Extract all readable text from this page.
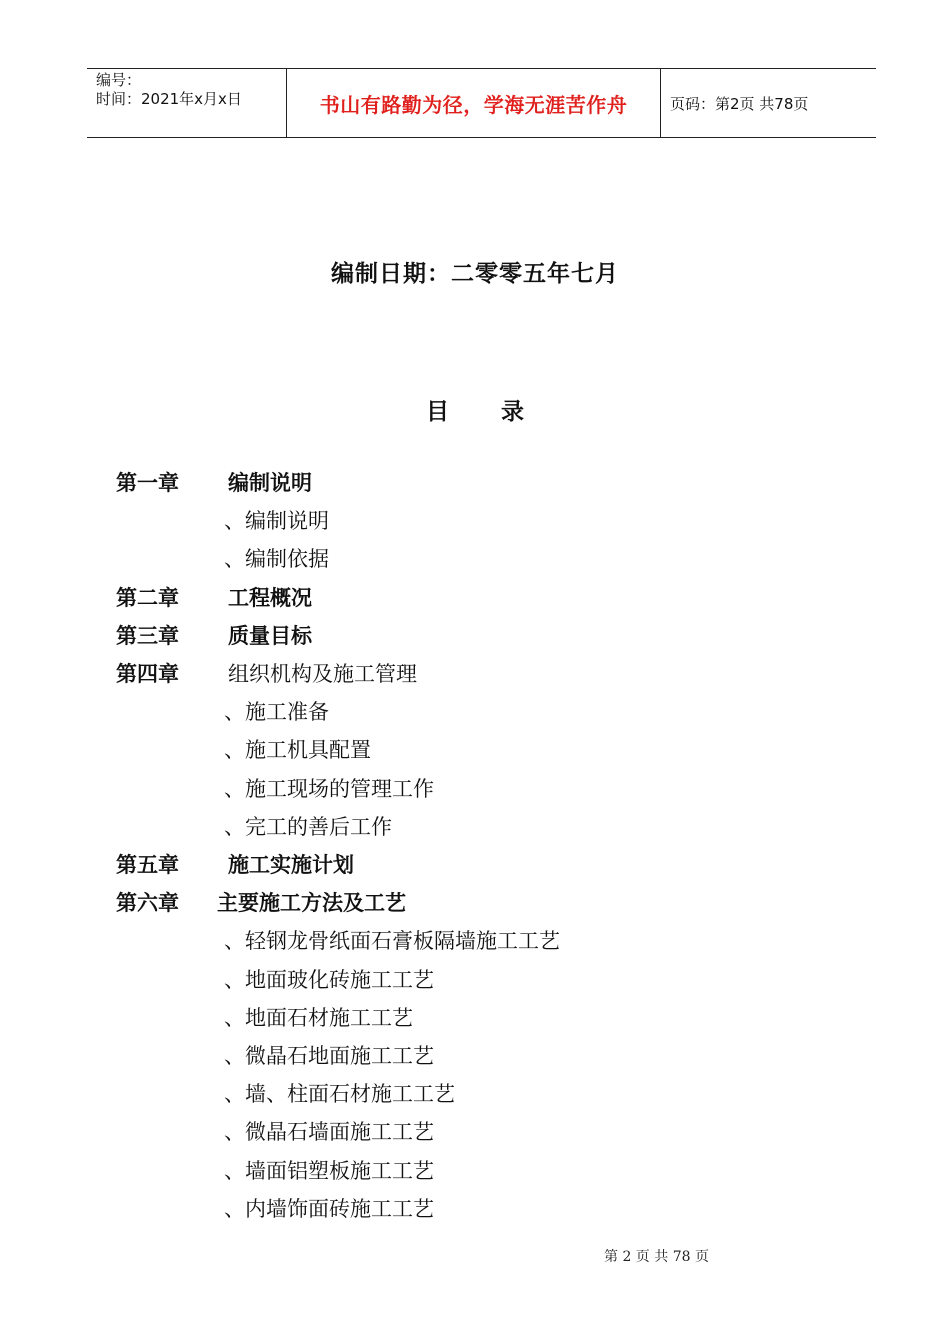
编号：
时间：2021年x月x日	书山有路勤为径，学海无涯苦作舟	页码：第2页 共78页
编制日期：二零零五年七月
目 录
第一章 编制说明
、编制说明
、编制依据
第二章 工程概况
第三章 质量目标
第四章 组织机构及施工管理
、施工准备
、施工机具配置
、施工现场的管理工作
、完工的善后工作
第五章 施工实施计划
第六章 主要施工方法及工艺
、轻钢龙骨纸面石膏板隔墙施工工艺
、地面玻化砖施工工艺
、地面石材施工工艺
、微晶石地面施工工艺
、墙、柱面石材施工工艺
、微晶石墙面施工工艺
、墙面铝塑板施工工艺
、内墙饰面砖施工工艺
第 2 页 共 78 页
